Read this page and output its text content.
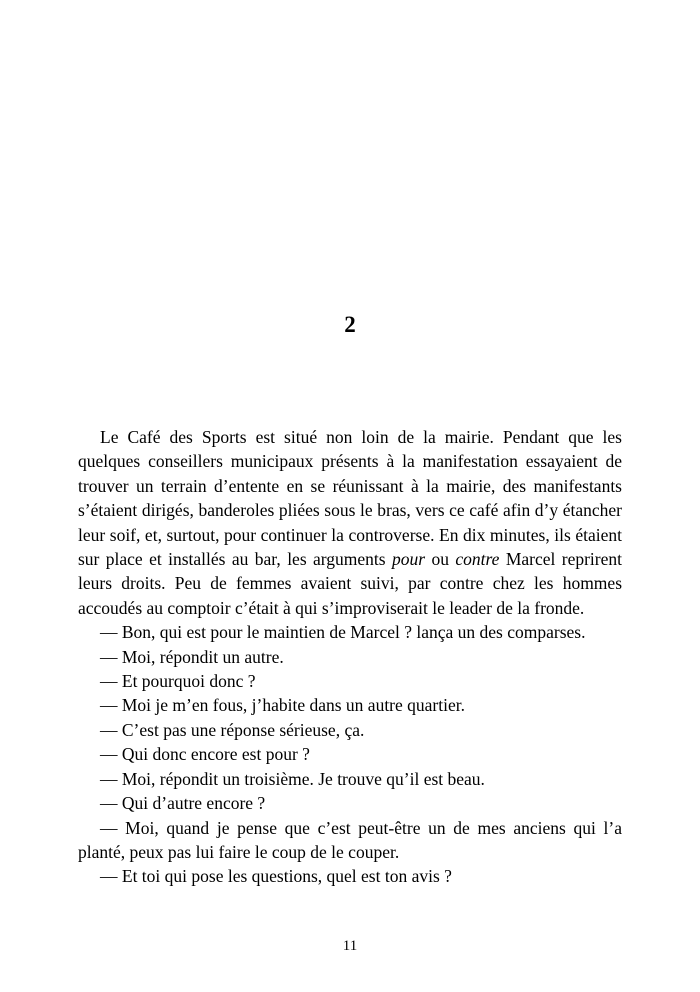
2

Le Café des Sports est situé non loin de la mairie. Pendant que les quelques conseillers municipaux présents à la manifestation essayaient de trouver un terrain d’entente en se réunissant à la mairie, des manifestants s’étaient dirigés, banderoles pliées sous le bras, vers ce café afin d’y étancher leur soif, et, surtout, pour continuer la controverse. En dix minutes, ils étaient sur place et installés au bar, les arguments pour ou contre Marcel reprirent leurs droits. Peu de femmes avaient suivi, par contre chez les hommes accoudés au comptoir c’était à qui s’improviserait le leader de la fronde.

— Bon, qui est pour le maintien de Marcel ? lança un des comparses.

— Moi, répondit un autre.

— Et pourquoi donc ?

— Moi je m’en fous, j’habite dans un autre quartier.

— C’est pas une réponse sérieuse, ça.

— Qui donc encore est pour ?

— Moi, répondit un troisième. Je trouve qu’il est beau.

— Qui d’autre encore ?

— Moi, quand je pense que c’est peut-être un de mes anciens qui l’a planté, peux pas lui faire le coup de le couper.

— Et toi qui pose les questions, quel est ton avis ?

11
